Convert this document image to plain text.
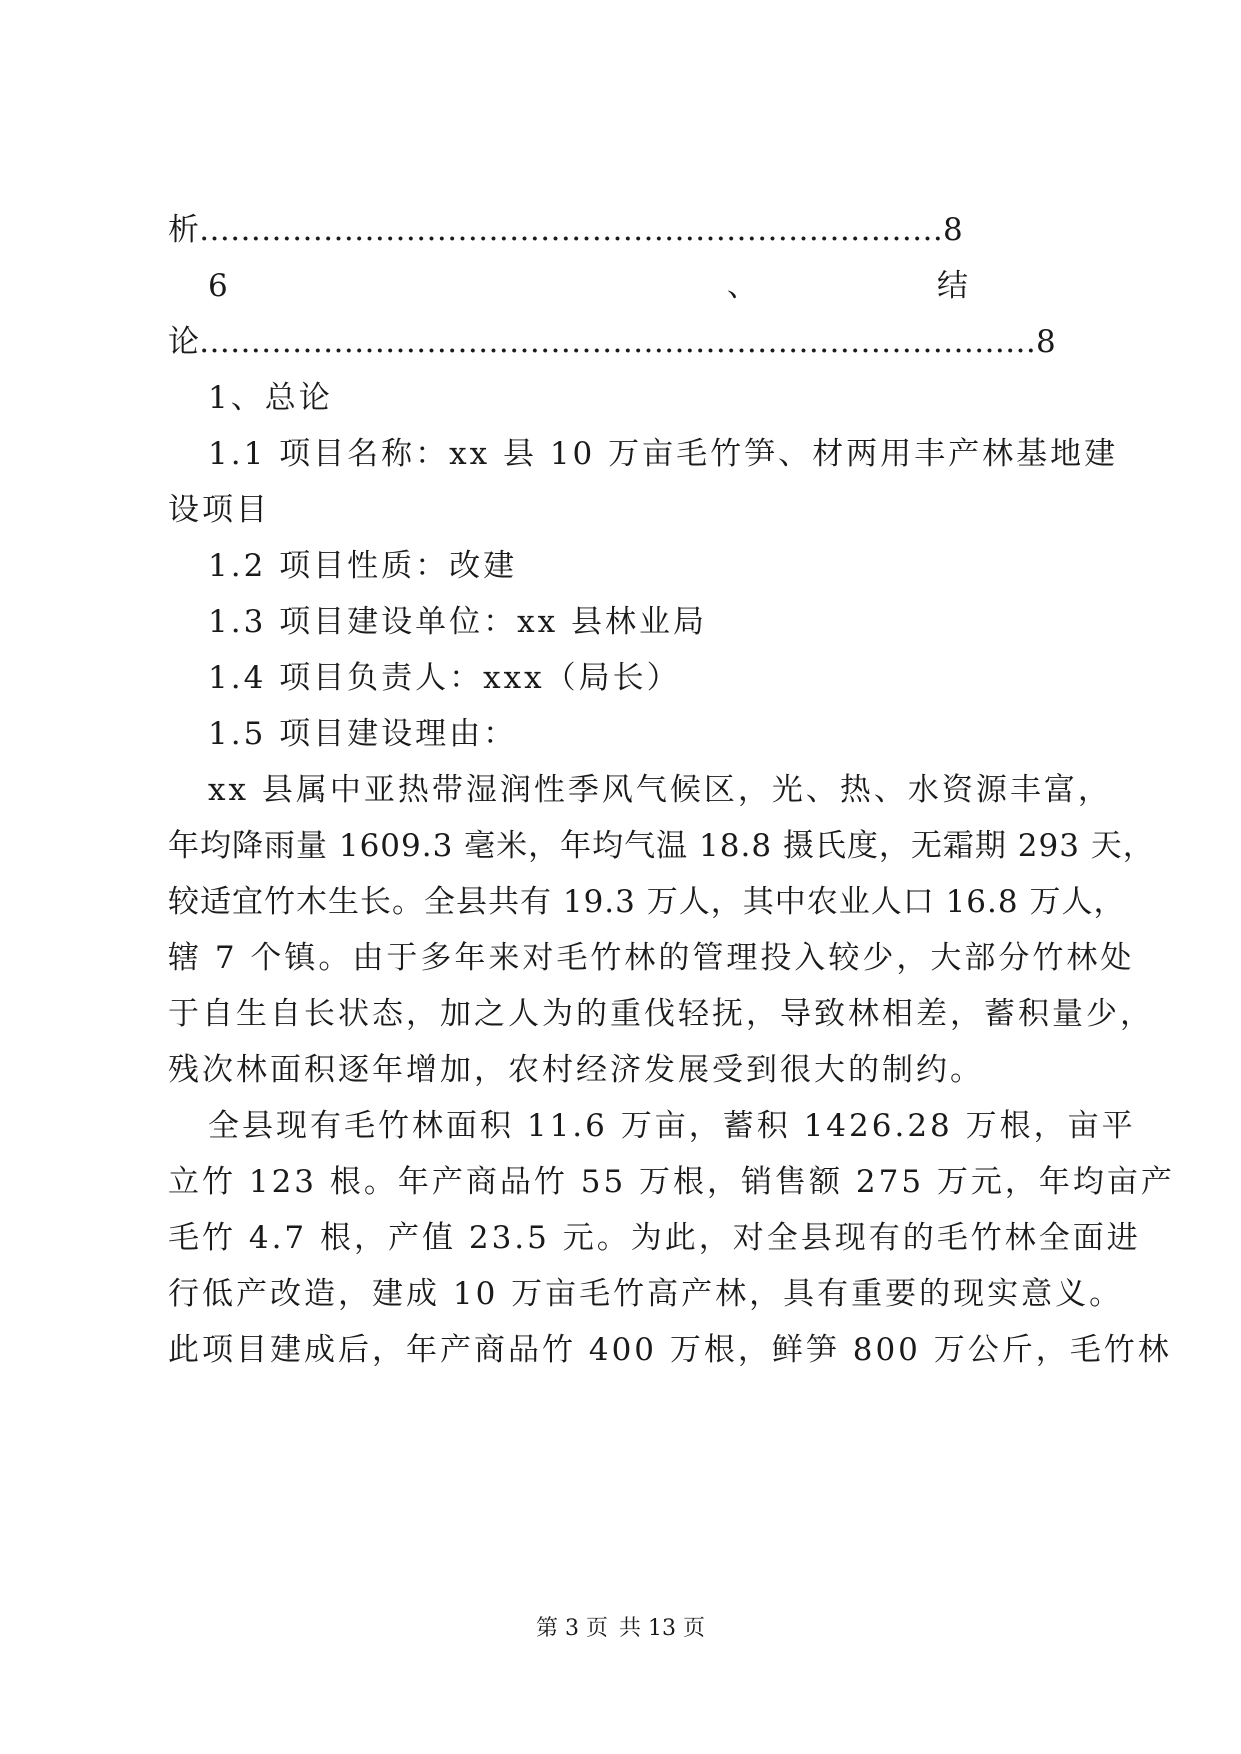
析………………………………………………………………8
6	、	结
论………………………………………………………………………8
1、总论
1.1 项目名称：xx 县 10 万亩毛竹笋、材两用丰产林基地建
设项目
1.2 项目性质：改建
1.3 项目建设单位：xx 县林业局
1.4 项目负责人：xxx（局长）
1.5 项目建设理由：
xx 县属中亚热带湿润性季风气候区，光、热、水资源丰富，
年均降雨量 1609.3 毫米，年均气温 18.8 摄氏度，无霜期 293 天，
较适宜竹木生长。全县共有 19.3 万人，其中农业人口 16.8 万人，
辖 7 个镇。由于多年来对毛竹林的管理投入较少，大部分竹林处
于自生自长状态，加之人为的重伐轻抚，导致林相差，蓄积量少，
残次林面积逐年增加，农村经济发展受到很大的制约。
全县现有毛竹林面积 11.6 万亩，蓄积 1426.28 万根，亩平
立竹 123 根。年产商品竹 55 万根，销售额 275 万元，年均亩产
毛竹 4.7 根，产值 23.5 元。为此，对全县现有的毛竹林全面进
行低产改造，建成 10 万亩毛竹高产林，具有重要的现实意义。
此项目建成后，年产商品竹 400 万根，鲜笋 800 万公斤，毛竹林
第 3 页 共 13 页
